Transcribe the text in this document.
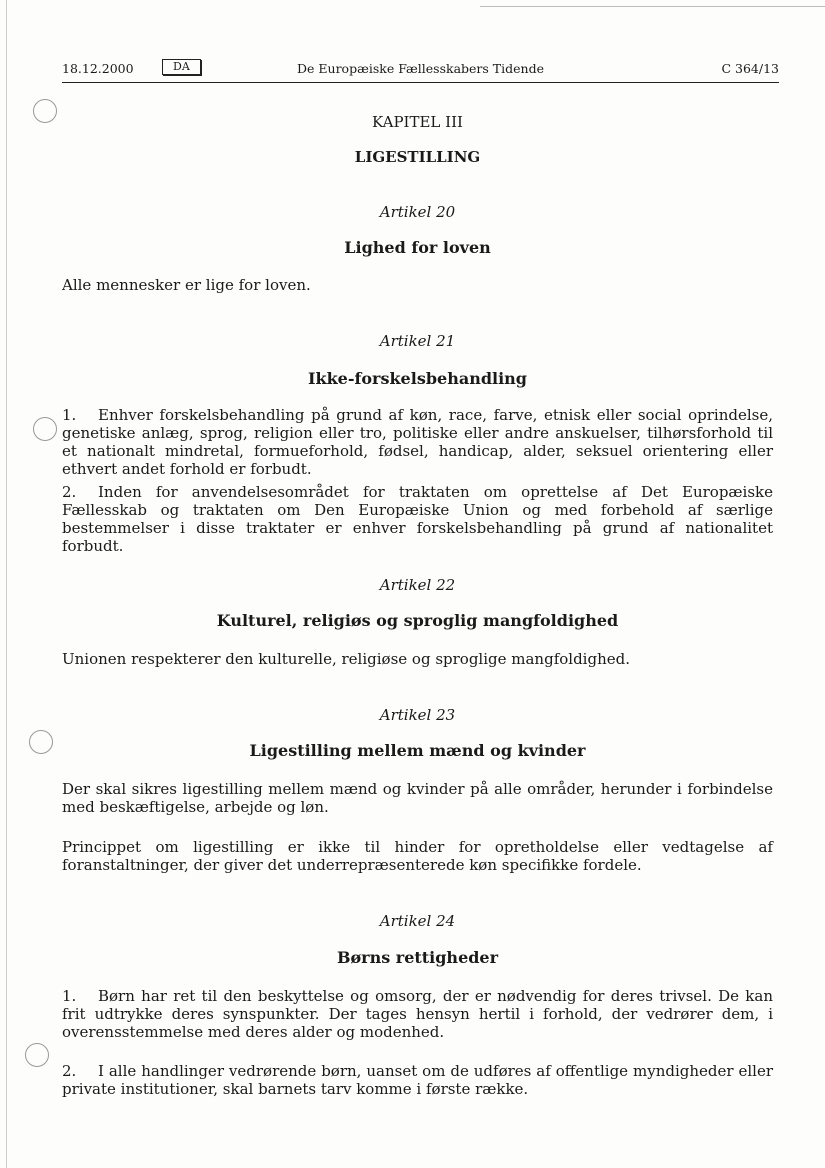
18.12.2000	DA	De Europæiske Fællesskabers Tidende	C 364/13
KAPITEL III
LIGESTILLING
Artikel 20
Lighed for loven
Alle mennesker er lige for loven.
Artikel 21
Ikke-forskelsbehandling
1. Enhver forskelsbehandling på grund af køn, race, farve, etnisk eller social oprindelse, genetiske anlæg, sprog, religion eller tro, politiske eller andre anskuelser, tilhørsforhold til et nationalt mindretal, formueforhold, fødsel, handicap, alder, seksuel orientering eller ethvert andet forhold er forbudt.
2. Inden for anvendelsesområdet for traktaten om oprettelse af Det Europæiske Fællesskab og traktaten om Den Europæiske Union og med forbehold af særlige bestemmelser i disse traktater er enhver forskelsbehandling på grund af nationalitet forbudt.
Artikel 22
Kulturel, religiøs og sproglig mangfoldighed
Unionen respekterer den kulturelle, religiøse og sproglige mangfoldighed.
Artikel 23
Ligestilling mellem mænd og kvinder
Der skal sikres ligestilling mellem mænd og kvinder på alle områder, herunder i forbindelse med beskæftigelse, arbejde og løn.
Princippet om ligestilling er ikke til hinder for opretholdelse eller vedtagelse af foranstaltninger, der giver det underrepræsenterede køn specifikke fordele.
Artikel 24
Børns rettigheder
1. Børn har ret til den beskyttelse og omsorg, der er nødvendig for deres trivsel. De kan frit udtrykke deres synspunkter. Der tages hensyn hertil i forhold, der vedrører dem, i overensstemmelse med deres alder og modenhed.
2. I alle handlinger vedrørende børn, uanset om de udføres af offentlige myndigheder eller private institutioner, skal barnets tarv komme i første række.
